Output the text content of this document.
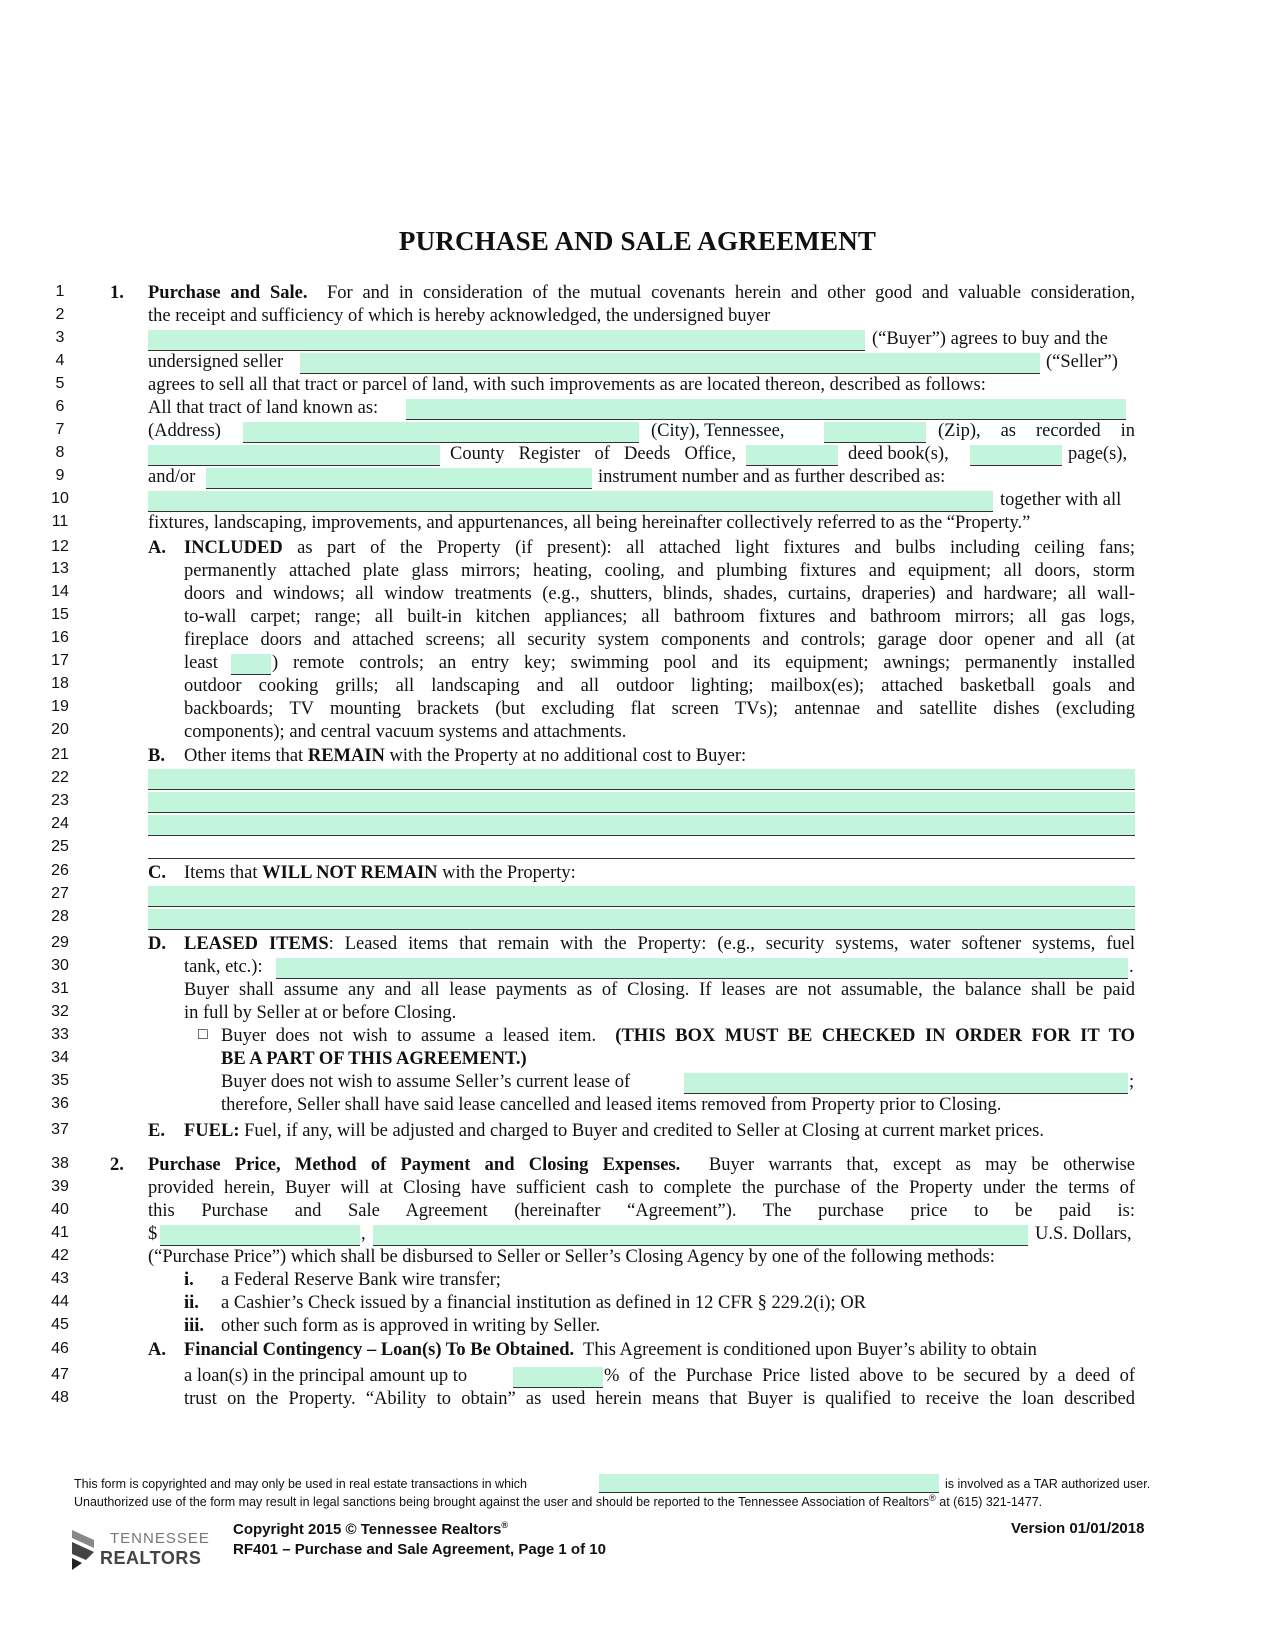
PURCHASE AND SALE AGREEMENT
1
2
3
4
5
6
7
8
9
10
11
12
13
14
15
16
17
18
19
20
21
22
23
24
25
26
27
28
29
30
31
32
33
34
35
36
37
38
39
40
41
42
43
44
45
46
47
48
1. Purchase and Sale. For and in consideration of the mutual covenants herein and other good and valuable consideration,
the receipt and sufficiency of which is hereby acknowledged, the undersigned buyer
(“Buyer”) agrees to buy and the
undersigned seller	(“Seller”)
agrees to sell all that tract or parcel of land, with such improvements as are located thereon, described as follows:
All that tract of land known as:
(Address)	(City), Tennessee,	(Zip), as recorded in
County Register of Deeds Office,	deed book(s),	page(s),
and/or	instrument number and as further described as:
together with all
fixtures, landscaping, improvements, and appurtenances, all being hereinafter collectively referred to as the “Property.”
A. INCLUDED as part of the Property (if present): all attached light fixtures and bulbs including ceiling fans;
permanently attached plate glass mirrors; heating, cooling, and plumbing fixtures and equipment; all doors, storm
doors and windows; all window treatments (e.g., shutters, blinds, shades, curtains, draperies) and hardware; all wall-
to-wall carpet; range; all built-in kitchen appliances; all bathroom fixtures and bathroom mirrors; all gas logs,
fireplace doors and attached screens; all security system components and controls; garage door opener and all (at
least	) remote controls; an entry key; swimming pool and its equipment; awnings; permanently installed
outdoor cooking grills; all landscaping and all outdoor lighting; mailbox(es); attached basketball goals and
backboards; TV mounting brackets (but excluding flat screen TVs); antennae and satellite dishes (excluding
components); and central vacuum systems and attachments.
B. Other items that REMAIN with the Property at no additional cost to Buyer:
C. Items that WILL NOT REMAIN with the Property:
D. LEASED ITEMS: Leased items that remain with the Property: (e.g., security systems, water softener systems, fuel
tank, etc.):	.
Buyer shall assume any and all lease payments as of Closing. If leases are not assumable, the balance shall be paid
in full by Seller at or before Closing.
□ Buyer does not wish to assume a leased item. (THIS BOX MUST BE CHECKED IN ORDER FOR IT TO
BE A PART OF THIS AGREEMENT.)
Buyer does not wish to assume Seller’s current lease of	;
therefore, Seller shall have said lease cancelled and leased items removed from Property prior to Closing.
E. FUEL: Fuel, if any, will be adjusted and charged to Buyer and credited to Seller at Closing at current market prices.
2. Purchase Price, Method of Payment and Closing Expenses. Buyer warrants that, except as may be otherwise
provided herein, Buyer will at Closing have sufficient cash to complete the purchase of the Property under the terms of
this Purchase and Sale Agreement (hereinafter “Agreement”). The purchase price to be paid is:
$	,	U.S. Dollars,
(“Purchase Price”) which shall be disbursed to Seller or Seller’s Closing Agency by one of the following methods:
i. a Federal Reserve Bank wire transfer;
ii. a Cashier’s Check issued by a financial institution as defined in 12 CFR § 229.2(i); OR
iii. other such form as is approved in writing by Seller.
A. Financial Contingency – Loan(s) To Be Obtained. This Agreement is conditioned upon Buyer’s ability to obtain
a loan(s) in the principal amount up to	% of the Purchase Price listed above to be secured by a deed of
trust on the Property. “Ability to obtain” as used herein means that Buyer is qualified to receive the loan described
This form is copyrighted and may only be used in real estate transactions in which	is involved as a TAR authorized user.
Unauthorized use of the form may result in legal sanctions being brought against the user and should be reported to the Tennessee Association of Realtors® at (615) 321-1477.
TENNESSEE
REALTORS
Copyright 2015 © Tennessee Realtors®	Version 01/01/2018
RF401 – Purchase and Sale Agreement, Page 1 of 10
